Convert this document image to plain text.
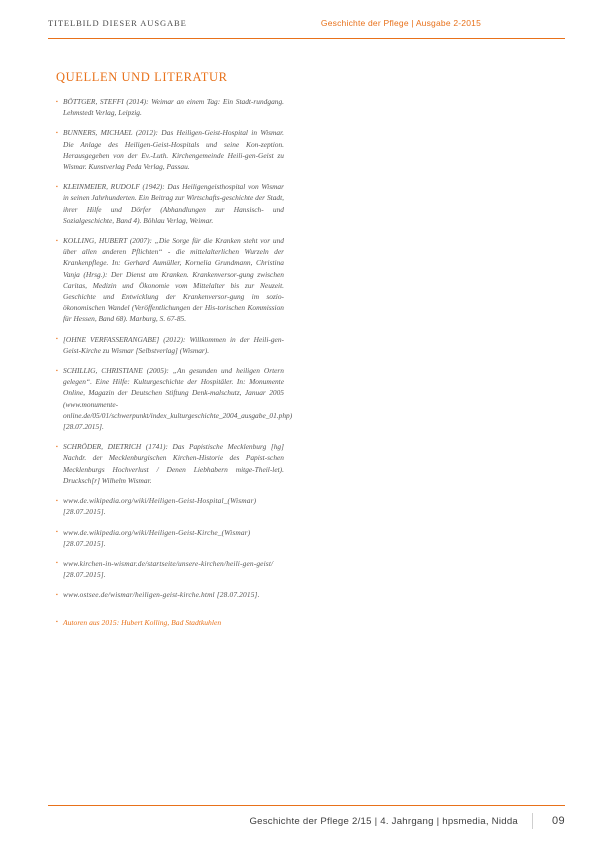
TITELBILD DIESER AUSGABE	Geschichte der Pflege | Ausgabe 2-2015
QUELLEN UND LITERATUR

▪ BÖTTGER, STEFFI (2014): Weimar an einem Tag: Ein Stadt-rundgang. Lehmstedt Verlag, Leipzig.

▪ BUNNERS, MICHAEL (2012): Das Heiligen-Geist-Hospital in Wismar. Die Anlage des Heiligen-Geist-Hospitals und seine Kon-zeption. Herausgegeben von der Ev.-Luth. Kirchengemeinde Heili-gen-Geist zu Wismar. Kunstverlag Peda Verlag, Passau.

▪ KLEINMEIER, RUDOLF (1942): Das Heiligengeisthospital von Wismar in seinen Jahrhunderten. Ein Beitrag zur Wirtschafts-geschichte der Stadt, ihrer Hilfe und Dörfer (Abhandlungen zur Hansisch- und Sozialgeschichte, Band 4). Böhlau Verlag, Weimar.

▪ KOLLING, HUBERT (2007): „Die Sorge für die Kranken steht vor und über allen anderen Pflichten“ - die mittelalterlichen Wurzeln der Krankenpflege. In: Gerhard Aumüller, Kornelia Grundmann, Christina Vanja (Hrsg.): Der Dienst am Kranken. Krankenversor-gung zwischen Caritas, Medizin und Ökonomie vom Mittelalter bis zur Neuzeit. Geschichte und Entwicklung der Krankenversor-gung im sozio-ökonomischen Wandel (Veröffentlichungen der His-torischen Kommission für Hessen, Band 68). Marburg, S. 67-85.

▪ [OHNE VERFASSERANGABE] (2012): Willkommen in der Heili-gen-Geist-Kirche zu Wismar [Selbstverlag] (Wismar).

▪ SCHILLIG, CHRISTIANE (2005): „An gesunden und heiligen Ortern gelegen“. Eine Hilfe: Kulturgeschichte der Hospitäler. In: Monumente Online, Magazin der Deutschen Stiftung Denk-malschutz, Januar 2005 (www.monumente-online.de/05/01/schwerpunkt/index_kulturgeschichte_2004_ausgabe_01.php) [28.07.2015].

▪ SCHRÖDER, DIETRICH (1741): Das Papistische Mecklenburg [hg] Nachdr. der Mecklenburgischen Kirchen-Historie des Papist-schen Mecklenburgs Hochverlust / Denen Liebhabern mitge-Theil-let). Drucksch[r] Wilhelm Wismar.

▪ www.de.wikipedia.org/wiki/Heiligen-Geist-Hospital_(Wismar) [28.07.2015].

▪ www.de.wikipedia.org/wiki/Heiligen-Geist-Kirche_(Wismar) [28.07.2015].

▪ www.kirchen-in-wismar.de/startseite/unsere-kirchen/heili-gen-geist/ [28.07.2015].

▪ www.ostsee.de/wismar/heiligen-geist-kirche.html [28.07.2015].

▪ Autoren aus 2015: Hubert Kolling, Bad Stadtkuhlen

Geschichte der Pflege 2/15 | 4. Jahrgang | hpsmedia, Nidda	09
